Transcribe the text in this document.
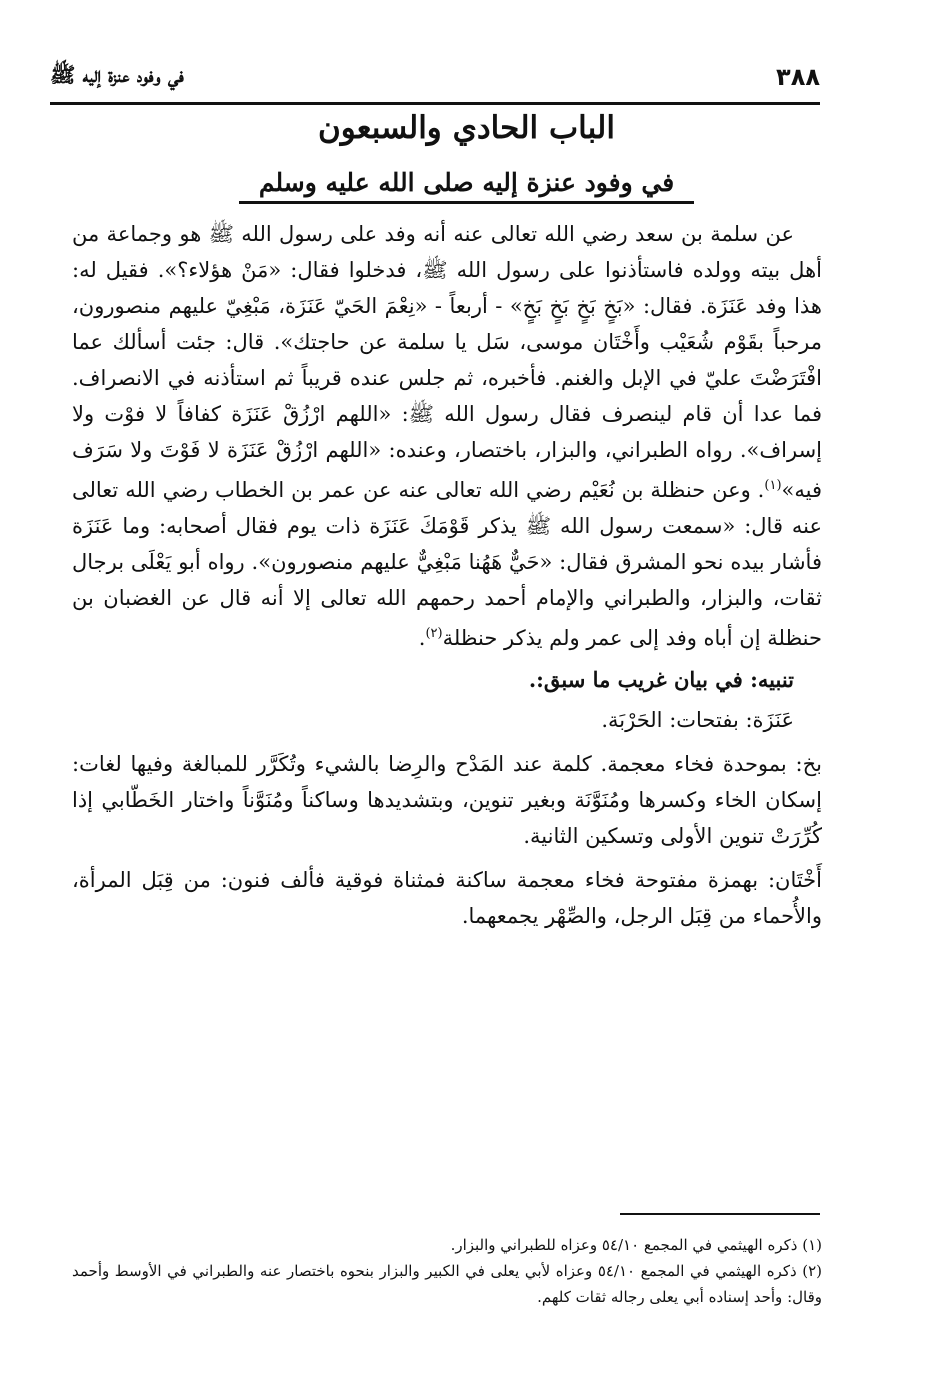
٣٨٨
في وفود عنزة إليه ﷺ
الباب الحادي والسبعون
في وفود عنزة إليه صلى الله عليه وسلم

عن سلمة بن سعد رضي الله تعالى عنه أنه وفد على رسول الله ﷺ هو وجماعة من أهل بيته وولده فاستأذنوا على رسول الله ﷺ، فدخلوا فقال: «مَنْ هؤلاء؟». فقيل له: هذا وفد عَنَزَة. فقال: «بَخٍ بَخٍ بَخٍ بَخٍ» - أربعاً - «نِعْمَ الحَيّ عَنَزَة، مَبْغِيّ عليهم منصورون، مرحباً بقَوْم شُعَيْب وأَخْتَان موسى، سَل يا سلمة عن حاجتك». قال: جئت أسألك عما افْتَرَضْتَ عليّ في الإبل والغنم. فأخبره، ثم جلس عنده قريباً ثم استأذنه في الانصراف. فما عدا أن قام لينصرف فقال رسول الله ﷺ: «اللهم ارْزُقْ عَنَزَة كفافاً لا فوْت ولا إسراف». رواه الطبراني، والبزار، باختصار، وعنده: «اللهم ارْزُقْ عَنَزَة لا فَوْتَ ولا سَرَف فيه»$^{(١)}$. وعن حنظلة بن نُعَيْم رضي الله تعالى عنه عن عمر بن الخطاب رضي الله تعالى عنه قال: «سمعت رسول الله ﷺ يذكر قَوْمَكَ عَنَزَة ذات يوم فقال أصحابه: وما عَنَزَة فأشار بيده نحو المشرق فقال: «حَيٌّ هَهُنا مَبْغِيٌّ عليهم منصورون». رواه أبو يَعْلَى برجال ثقات، والبزار، والطبراني والإمام أحمد رحمهم الله تعالى إلا أنه قال عن الغضبان بن حنظلة إن أباه وفد إلى عمر ولم يذكر حنظلة$^{(٢)}$.

تنبيه: في بيان غريب ما سبق:.

عَنَزَة: بفتحات: الحَرْبَة.

بخ: بموحدة فخاء معجمة. كلمة عند المَدْح والرِضا بالشيء وتُكَرَّر للمبالغة وفيها لغات: إسكان الخاء وكسرها ومُنَوَّنَة وبغير تنوين، وبتشديدها وساكناً ومُنَوَّناً واختار الخَطّابي إذا كُرِّرَتْ تنوين الأولى وتسكين الثانية.

أَخْتَان: بهمزة مفتوحة فخاء معجمة ساكنة فمثناة فوقية فألف فنون: من قِبَل المرأة، والأُحماء من قِبَل الرجل، والصِّهْر يجمعهما.

(١) ذكره الهيثمي في المجمع ٥٤/١٠ وعزاه للطبراني والبزار.

(٢) ذكره الهيثمي في المجمع ٥٤/١٠ وعزاه لأبي يعلى في الكبير والبزار بنحوه باختصار عنه والطبراني في الأوسط وأحمد وقال: وأحد إسناده أبي يعلى رجاله ثقات كلهم.
